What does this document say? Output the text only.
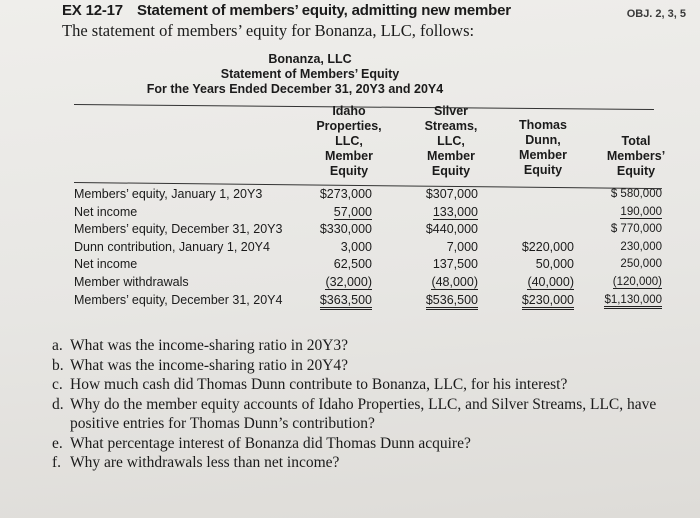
EX 12-17 Statement of members’ equity, admitting new member
The statement of members’ equity for Bonanza, LLC, follows:
OBJ. 2, 3, 5
Bonanza, LLC
Statement of Members’ Equity
For the Years Ended December 31, 20Y3 and 20Y4
Idaho
Properties,
LLC,
Member
Equity
Silver
Streams,
LLC,
Member
Equity
Thomas
Dunn,
Member
Equity
Total
Members’
Equity
Members’ equity, January 1, 20Y3
Net income
Members’ equity, December 31, 20Y3
Dunn contribution, January 1, 20Y4
Net income
Member withdrawals
Members’ equity, December 31, 20Y4
$273,000
57,000
$330,000
3,000
62,500
(32,000)
$363,500
$307,000
133,000
$440,000
7,000
137,500
(48,000)
$536,500

$220,000
50,000
(40,000)
$230,000
$ 580,000
190,000
$ 770,000
230,000
250,000
(120,000)
$1,130,000
a. What was the income-sharing ratio in 20Y3?
b. What was the income-sharing ratio in 20Y4?
c. How much cash did Thomas Dunn contribute to Bonanza, LLC, for his interest?
d. Why do the member equity accounts of Idaho Properties, LLC, and Silver Streams, LLC, have positive entries for Thomas Dunn’s contribution?
e. What percentage interest of Bonanza did Thomas Dunn acquire?
f. Why are withdrawals less than net income?
